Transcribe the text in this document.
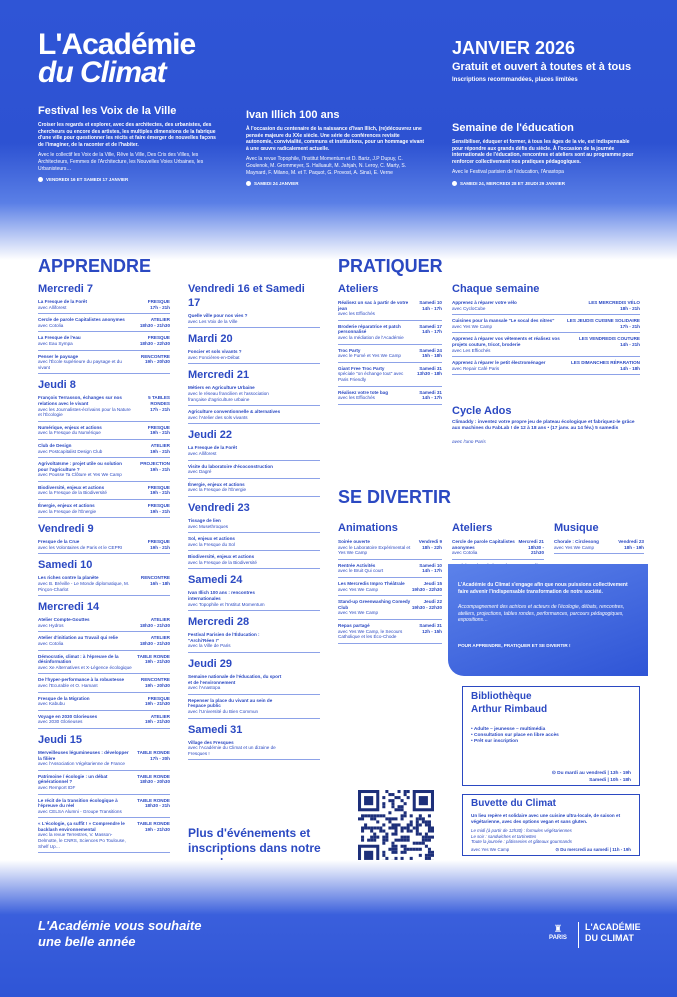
L'Académie
du Climat
JANVIER 2026
Gratuit et ouvert à toutes et à tous
Inscriptions recommandées, places limitées
Festival les Voix de la Ville
Croiser les regards et explorer, avec des architectes, des urbanistes, des chercheurs ou encore des artistes, les multiples dimensions de la fabrique d'une ville pour questionner les récits et faire émerger de nouvelles façons de l'imaginer, de la raconter et de l'habiter.
Avec le collectif les Voix de la Ville, Rêve la Ville, Des Cris des Villes, les Architecteurs, Femmes de l'Architecture, les Nouvelles Voies Urbaines, les Urbanisteurs…
VENDREDI 16 ET SAMEDI 17 JANVIER
Ivan Illich 100 ans
À l'occasion du centenaire de la naissance d'Ivan Illich, (re)découvrez une pensée majeure du XXe siècle. Une série de conférences revisite autonomie, convivialité, communs et institutions, pour un hommage vivant à une œuvre radicalement actuelle.
Avec la revue Topophile, l'Institut Momentum et D. Bariz, J.P Dupuy, C. Goulenok, M. Grommeyer, S. Halluault, M. Jahjah, N. Leroy, C. Marty, S. Maynard, F. Milano, M. et T. Paquot, G. Provost, A. Sinaï, E. Verne
SAMEDI 24 JANVIER
Semaine de l'éducation
Sensibiliser, éduquer et former, à tous les âges de la vie, est indispensable pour répondre aux grands défis du siècle. À l'occasion de la journée internationale de l'éducation, rencontres et ateliers sont au programme pour renforcer collectivement nos pratiques pédagogiques.
Avec le Festival parisien de l'éducation, l'Anastopa
SAMEDI 24, MERCREDI 28 ET JEUDI 29 JANVIER
APPRENDRE
Mercredi 7
La Fresque de la Forêt
avec Alliforest
FRESQUE
17h - 21h
Cercle de parole Capitalistes anonymes
avec Cotolia
ATELIER
18h30 - 21h30
La Fresque de l'eau
avec Eau Sympa
FRESQUE
18h30 - 22h30
Penser le paysage
avec l'École supérieure du paysage et du vivant
RENCONTRE
19h - 20h30
Jeudi 8
François Terrasson, échanges sur nos relations avec le vivant
avec les Journalistes-écrivains pour la Nature et l'Écologie
5 TABLES RONDES
17h - 21h
Numérique, enjeux et actions
avec la Fresque du Numérique
FRESQUE
19h - 21h
Club de Design
avec Postcapitalist Design Club
ATELIER
19h - 21h
Agrivoltaïsme : projet utile ou solution pour l'agriculture ?
avec Pousse Ta Clôture et Yes We Camp
PROJECTION
19h - 21h
Biodiversité, enjeux et actions
avec la Fresque de la Biodiversité
FRESQUE
19h - 21h
Énergie, enjeux et actions
avec la Fresque de l'Énergie
FRESQUE
19h - 21h
Vendredi 9
Fresque de la Crue
avec les Volontaires de Paris et le CEPRI
FRESQUE
19h - 21h
Samedi 10
Les riches contre la planète
avec B. Bréville - Le Monde diplomatique, M. Pinçon-Charlot
RENCONTRE
16h - 18h
Mercredi 14
Atelier Compte-Gouttes
avec Hydros
ATELIER
18h30 - 21h30
Atelier d'initiation au Travail qui relie
avec Cotolia
ATELIER
18h30 - 21h30
Démocratie, climat : à l'épreuve de la désinformation
avec Xe Alternatives et X-Légence écologique
TABLE RONDE
19h - 21h30
De l'hyper-performance à la robustesse
avec l'Ecurable et O. Hamant
RENCONTRE
19h - 20h30
Fresque de la Migration
avec Kabubu
FRESQUE
19h - 21h30
Voyage en 2030 Glorieuses
avec 2030 Glorieuses
ATELIER
19h - 21h30
Jeudi 15
Merveilleuses légumineuses : développer la filière
avec l'Association Végétarienne de France
TABLE RONDE
17h - 20h
Patrimoine / écologie : un débat générationnel ?
avec Remport IDF
TABLE RONDE
18h30 - 20h30
Le récit de la transition écologique à l'épreuve du réel
avec CELSA Alumni - Groupe Transitions
TABLE RONDE
18h30 - 21h
« L'écologie, ça suffit ! » Comprendre le backlash environnemental
avec la revue Terrestres, V. Masson-Delmotte, le CNRS, Sciences Po Toulouse, Shelf Up…
TABLE RONDE
19h - 21h30
Vendredi 16 et Samedi 17
Quelle ville pour nos vies ?
avec Les Voix de la Ville
Mardi 20
Foncier et sols vivants ?
avec Foncières-en-Débat
Mercredi 21
Métiers en Agriculture Urbaine
avec le réseau francilien et l'association française d'agriculture urbaine
Agriculture conventionnelle & alternatives
avec l'Atelier des sols vivants
Jeudi 22
La Fresque de la Forêt
avec Alliforest
Visite du laboratoire d'écoconstruction
avec Dagré
Énergie, enjeux et actions
avec la Fresque de l'Énergie
Vendredi 23
Tissage de lien
avec Musethroques
Sol, enjeux et actions
avec la Fresque du Sol
Biodiversité, enjeux et actions
avec la Fresque de la Biodiversité
Samedi 24
Ivan Illich 100 ans : rencontres internationales
avec Topophile et l'Institut Momentum
Mercredi 28
Festival Parisien de l'Éducation : "Archi'Réen !"
avec la Ville de Paris
Jeudi 29
Semaine nationale de l'éducation, du sport et de l'environnement
avec l'Anastopa
Repenser la place du vivant au sein de l'espace public
avec l'Université du Bien Commun
Samedi 31
Village des Fresques
avec l'Académie du Climat et un dizaine de Fresques !
Plus d'événements et inscriptions dans notre
PRATIQUER
Ateliers
Réalisez un sac à partir de votre jean
avec les Effiochés
Samedi 10
14h - 17h
Broderie réparatrice et patch personnalisé
avec la médiation de l'Académie
Samedi 17
14h - 17h
Troc Party
avec le Fumé et Yes We Camp
Samedi 24
15h - 18h
Giant Free Troc Party
spéciale "on échange tout" avec Paris Friendly
Samedi 31
13h30 - 18h
Réalisez votre tote bag
avec les Effiochés
Samedi 31
14h - 17h
Chaque semaine
Apprenez à réparer votre vélo
avec CycloCube
LES MERCREDIS VÉLO
18h - 21h
Cuisines pour la mansale "Le socal des nitres"
avec Yes We Camp
LES JEUDIS CUISINE SOLIDAIRE
17h - 21h
Apprenez à réparer vos vêtements et réalisez vos projets couture, tricot, broderie
avec Les Effiochés
LES VENDREDIS COUTURE
14h - 21h
Apprenez à réparer le petit électroménager
avec Repair Café Paris
LES DIMANCHES RÉPARATION
14h - 18h
Cycle Ados
Climaddy : inventez votre propre jeu de plateau écologique et fabriquez-le grâce aux machines du FabLab ! de 12 à 18 ans • (17 janv. au 14 fév.) 5 samedis
avec l'uno Paris
SE DIVERTIR
Animations
Soirée ouverte
avec le Laboratoire Expérimental et Yes We Camp
Vendredi 9
18h - 22h
Rentrée Activités
avec le Bruit Qui court
Samedi 10
14h - 17h
Les Mercredis Impro Théâtrale
avec Yes We Camp
Jeudi 15
19h30 - 22h30
Stand-up Greenwashing Comedy Club
avec Yes We Camp
Jeudi 22
19h30 - 22h30
Repas partagé
avec Yes We Camp, le Secours Catholique et les Éco-Chode
Samedi 31
12h - 15h
Ateliers
Cercle de parole Capitalistes anonymes
avec Cotolia
Mercredi 21
18h30 - 21h30
Musique
Chorale : Circlesong
avec Yes We Camp
Vendredi 23
18h - 19h
L'Académie du Climat s'engage afin que nous puissions collectivement faire advenir l'indispensable transformation de notre société.
Accompagnement des actrices et acteurs de l'écologie, débats, rencontres, ateliers, projections, tables rondes, performances, parcours pédagogiques, expositions…
POUR APPRENDRE, PRATIQUER ET SE DIVERTIR !
Bibliothèque
Arthur Rimbaud
• Adulte – jeunesse – multimédia
• Consultation sur place en libre accès
• Prêt sur inscription
⊙ Du mardi au vendredi | 13h - 19h
Samedi | 10h - 18h
Buvette du Climat
Un lieu repère et solidaire avec une cuisine ultra-locale, de saison et végétarienne, avec des options vegan et sans gluten.
Le midi (à partir de 12h30) : formules végétariennes
Le soir : sandwiches et tartinettes
Toute la journée : pâtisseries et gâteaux gourmands
avec Yes We Camp	⊙ Du mercredi au samedi | 11h - 19h
L'Académie vous souhaite
une belle année
♜
PARIS
L'ACADÉMIE
DU CLIMAT
